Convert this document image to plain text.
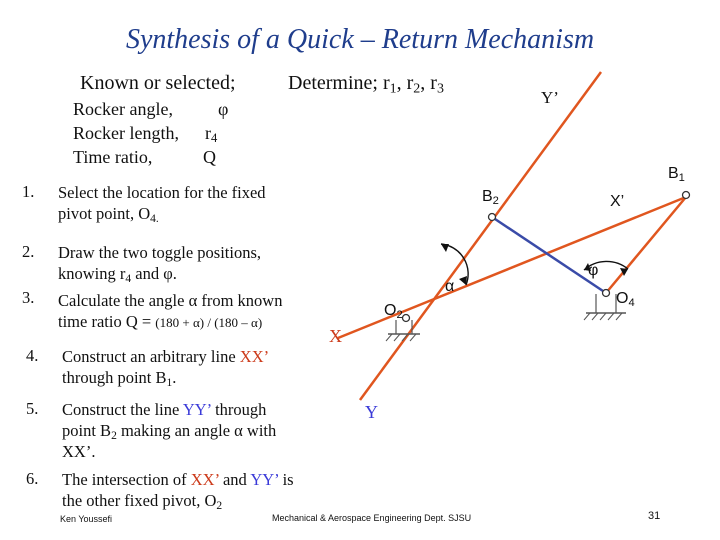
Synthesis of a Quick – Return Mechanism
Known or selected;	Determine; $r_1$, $r_2$, $r_3$
Rocker angle,	φ
Rocker length, $r_4$
Time ratio,	Q
1. Select the location for the fixed
pivot point, $O_{4.}$
2. Draw the two toggle positions,
knowing $r_4$ and φ.
3. Calculate the angle α from known
time ratio Q = (180 + α) / (180 – α)
4. Construct an arbitrary line XX’
through point $B_1$.
5. Construct the line YY’ through
point $B_2$ making an angle α with
XX’.
6. The intersection of XX’ and YY’ is
the other fixed pivot, $O_2$
Y’
Y
X
X’
$B_2$
$B_1$
$O_2$
$O_4$
α
φ
Ken Youssefi	Mechanical & Aerospace Engineering Dept. SJSU	31
